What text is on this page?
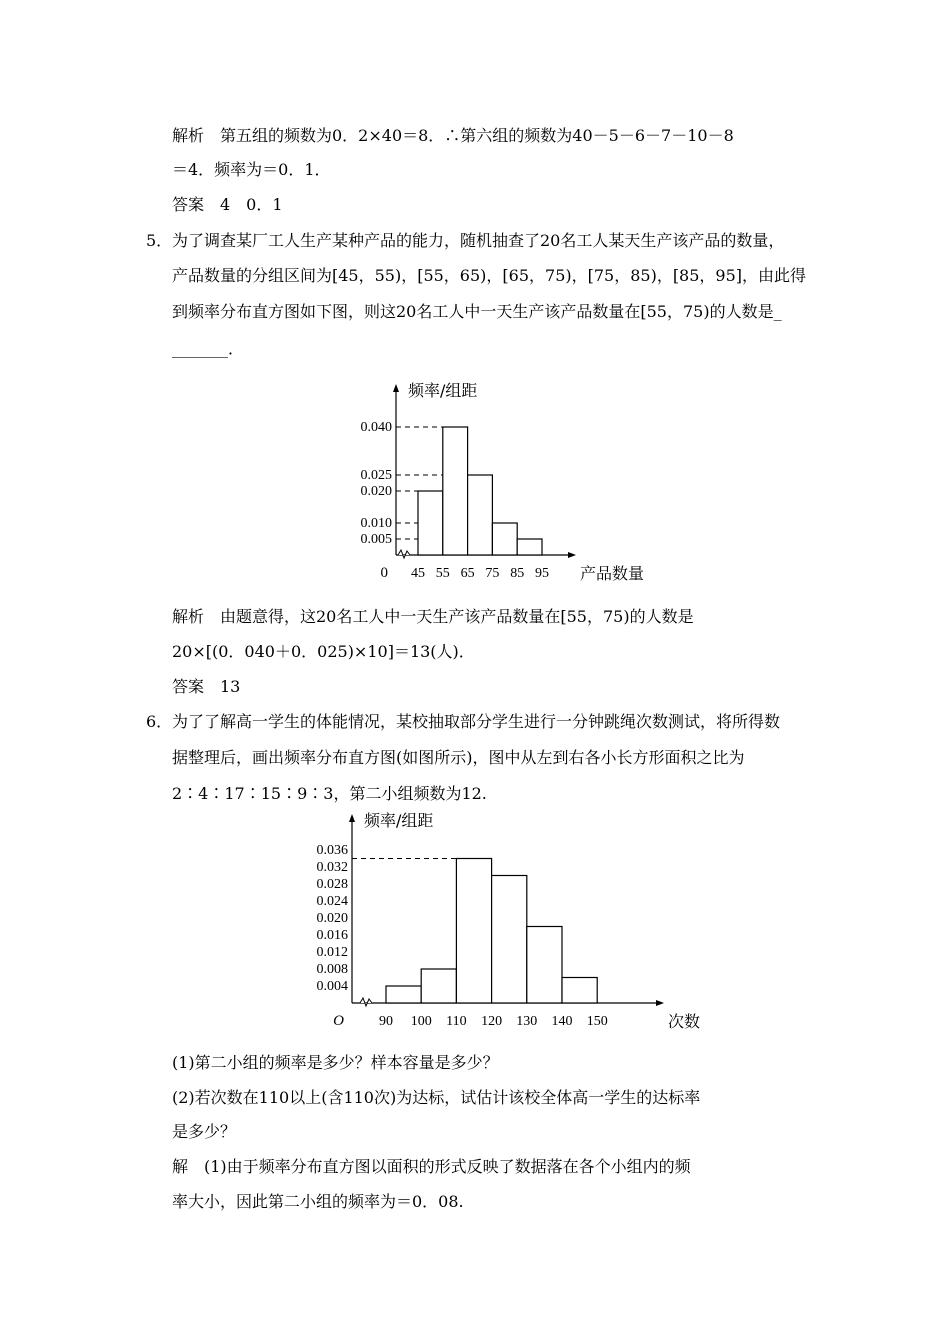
解析　第五组的频数为0．2×40＝8．∴第六组的频数为40－5－6－7－10－8
＝4．频率为＝0．1．
答案　4　0．1
5． 为了调查某厂工人生产某种产品的能力，随机抽查了20名工人某天生产该产品的数量，
产品数量的分组区间为[45，55)，[55，65)，[65，75)，[75，85)，[85，95]，由此得
到频率分布直方图如下图，则这20名工人中一天生产该产品数量在[55，75)的人数是_
_______．
0.040
0.025
0.020
0.010
0.005
45 55 65 75 85 95
0	产品数量
频率/组距
解析　由题意得，这20名工人中一天生产该产品数量在[55，75)的人数是
20×[(0．040＋0．025)×10]＝13(人)．
答案　13
6． 为了了解高一学生的体能情况，某校抽取部分学生进行一分钟跳绳次数测试，将所得数
据整理后，画出频率分布直方图(如图所示)，图中从左到右各小长方形面积之比为
2∶4∶17∶15∶9∶3，第二小组频数为12.
0.036
0.032
0.028
0.024
0.020
0.016
0.012
0.008
0.004
90 100 110 120 130 140 150
O	次数
频率/组距
(1)第二小组的频率是多少？样本容量是多少？
(2)若次数在110以上(含110次)为达标，试估计该校全体高一学生的达标率
是多少？
解　(1)由于频率分布直方图以面积的形式反映了数据落在各个小组内的频
率大小，因此第二小组的频率为＝0．08.
